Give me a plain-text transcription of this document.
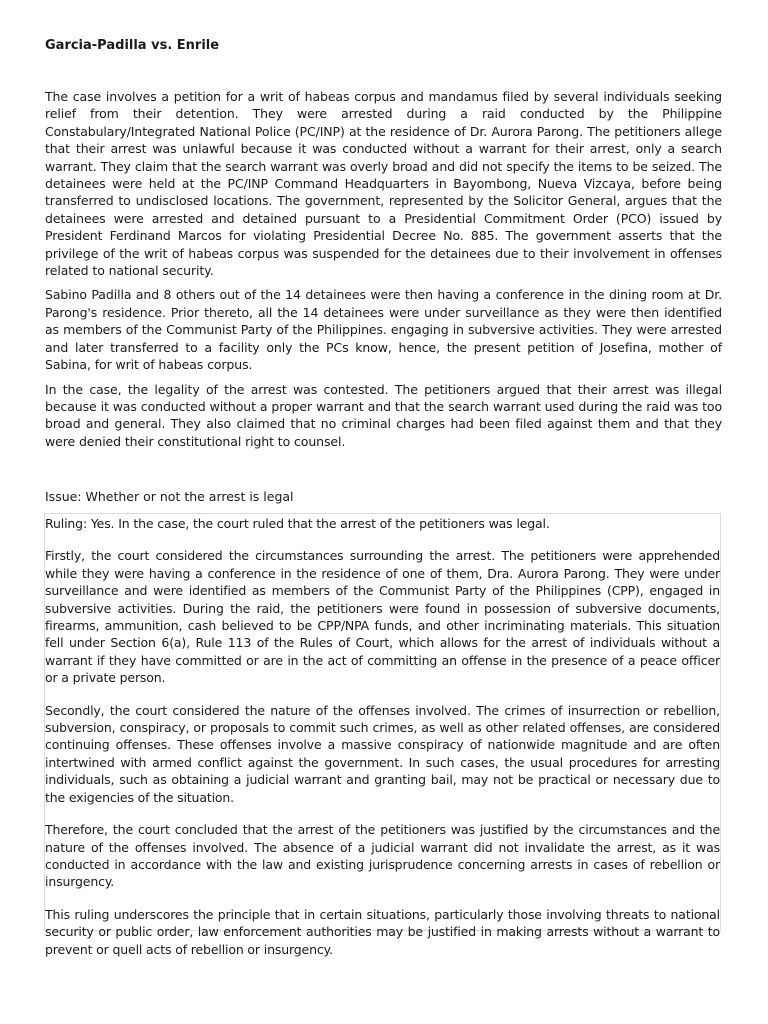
Garcia-Padilla vs. Enrile

The case involves a petition for a writ of habeas corpus and mandamus filed by several individuals seeking relief from their detention. They were arrested during a raid conducted by the Philippine Constabulary/Integrated National Police (PC/INP) at the residence of Dr. Aurora Parong. The petitioners allege that their arrest was unlawful because it was conducted without a warrant for their arrest, only a search warrant. They claim that the search warrant was overly broad and did not specify the items to be seized. The detainees were held at the PC/INP Command Headquarters in Bayombong, Nueva Vizcaya, before being transferred to undisclosed locations. The government, represented by the Solicitor General, argues that the detainees were arrested and detained pursuant to a Presidential Commitment Order (PCO) issued by President Ferdinand Marcos for violating Presidential Decree No. 885. The government asserts that the privilege of the writ of habeas corpus was suspended for the detainees due to their involvement in offenses related to national security.

Sabino Padilla and 8 others out of the 14 detainees were then having a conference in the dining room at Dr. Parong's residence. Prior thereto, all the 14 detainees were under surveillance as they were then identified as members of the Communist Party of the Philippines. engaging in subversive activities. They were arrested and later transferred to a facility only the PCs know, hence, the present petition of Josefina, mother of Sabina, for writ of habeas corpus.

In the case, the legality of the arrest was contested. The petitioners argued that their arrest was illegal because it was conducted without a proper warrant and that the search warrant used during the raid was too broad and general. They also claimed that no criminal charges had been filed against them and that they were denied their constitutional right to counsel.

Issue: Whether or not the arrest is legal

Ruling: Yes. In the case, the court ruled that the arrest of the petitioners was legal.

Firstly, the court considered the circumstances surrounding the arrest. The petitioners were apprehended while they were having a conference in the residence of one of them, Dra. Aurora Parong. They were under surveillance and were identified as members of the Communist Party of the Philippines (CPP), engaged in subversive activities. During the raid, the petitioners were found in possession of subversive documents, firearms, ammunition, cash believed to be CPP/NPA funds, and other incriminating materials. This situation fell under Section 6(a), Rule 113 of the Rules of Court, which allows for the arrest of individuals without a warrant if they have committed or are in the act of committing an offense in the presence of a peace officer or a private person.

Secondly, the court considered the nature of the offenses involved. The crimes of insurrection or rebellion, subversion, conspiracy, or proposals to commit such crimes, as well as other related offenses, are considered continuing offenses. These offenses involve a massive conspiracy of nationwide magnitude and are often intertwined with armed conflict against the government. In such cases, the usual procedures for arresting individuals, such as obtaining a judicial warrant and granting bail, may not be practical or necessary due to the exigencies of the situation.

Therefore, the court concluded that the arrest of the petitioners was justified by the circumstances and the nature of the offenses involved. The absence of a judicial warrant did not invalidate the arrest, as it was conducted in accordance with the law and existing jurisprudence concerning arrests in cases of rebellion or insurgency.

This ruling underscores the principle that in certain situations, particularly those involving threats to national security or public order, law enforcement authorities may be justified in making arrests without a warrant to prevent or quell acts of rebellion or insurgency.
